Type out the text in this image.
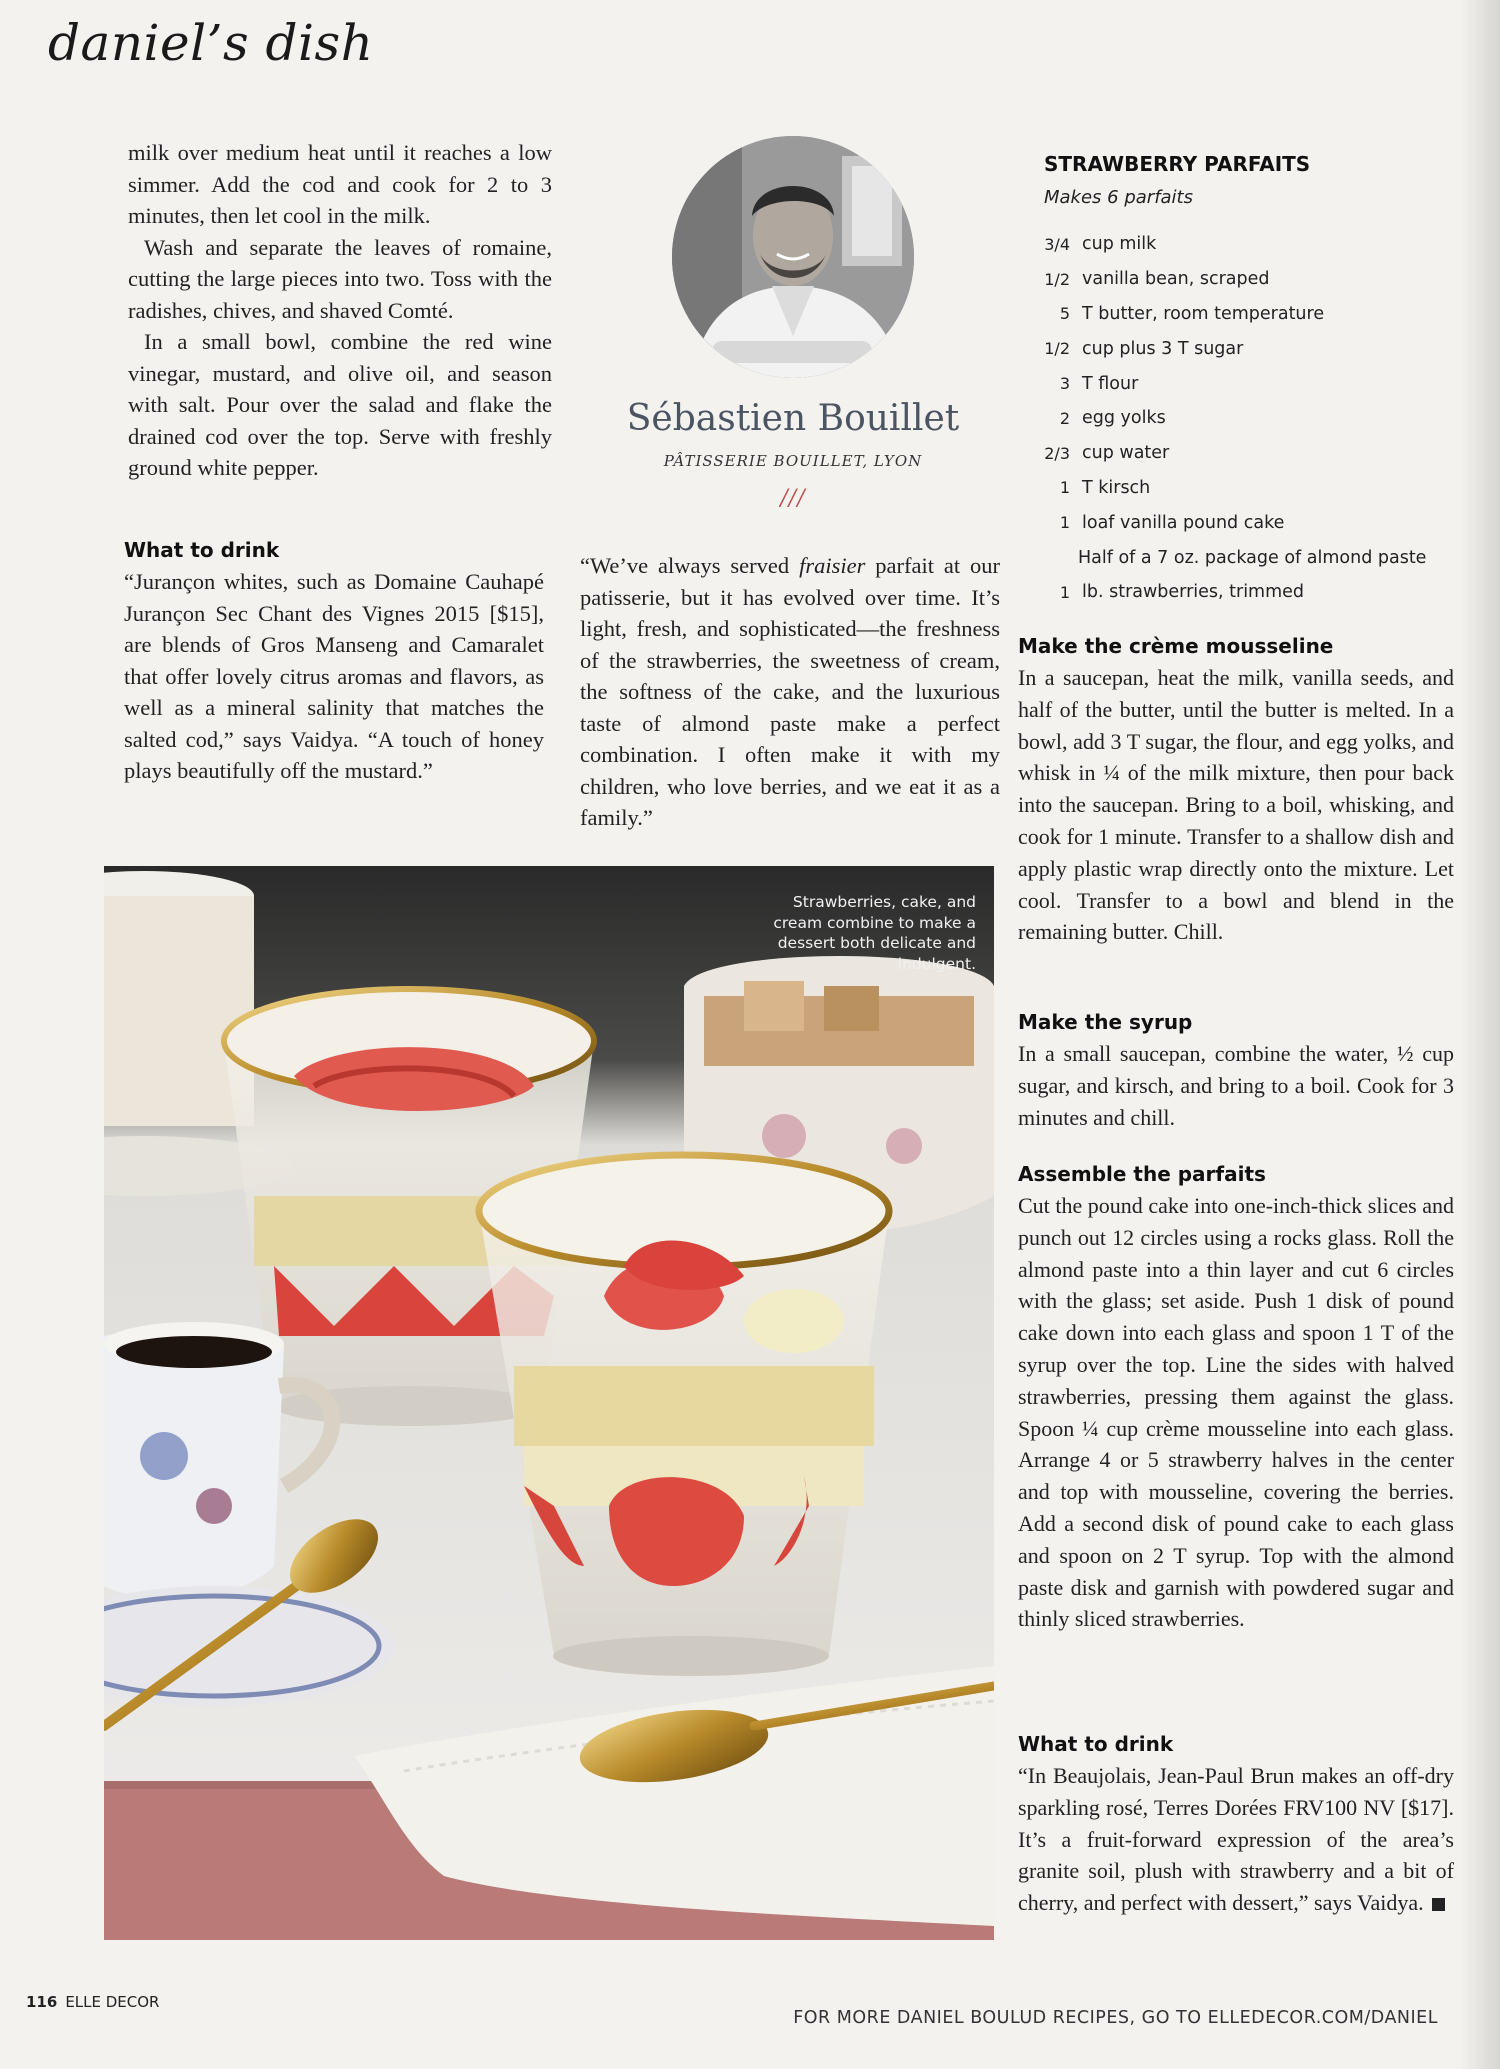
daniel’s dish

milk over medium heat until it reaches a low simmer. Add the cod and cook for 2 to 3 minutes, then let cool in the milk.

Wash and separate the leaves of romaine, cutting the large pieces into two. Toss with the radishes, chives, and shaved Comté.

In a small bowl, combine the red wine vinegar, mustard, and olive oil, and season with salt. Pour over the salad and flake the drained cod over the top. Serve with freshly ground white pepper.

What to drink
“Jurançon whites, such as Domaine Cauhapé Jurançon Sec Chant des Vignes 2015 [$15], are blends of Gros Manseng and Camaralet that offer lovely citrus aromas and flavors, as well as a mineral salinity that matches the salted cod,” says Vaidya. “A touch of honey plays beautifully off the mustard.”
Sébastien Bouillet
PÂTISSERIE BOUILLET, LYON
///
“We’ve always served fraisier parfait at our patisserie, but it has evolved over time. It’s light, fresh, and sophisticated—the freshness of the strawberries, the sweetness of cream, the softness of the cake, and the luxurious taste of almond paste make a perfect combination. I often make it with my children, who love berries, and we eat it as a family.”
STRAWBERRY PARFAITS
Makes 6 parfaits
3/4 cup milk
1/2 vanilla bean, scraped
5 T butter, room temperature
1/2 cup plus 3 T sugar
3 T flour
2 egg yolks
2/3 cup water
1 T kirsch
1 loaf vanilla pound cake
Half of a 7 oz. package of almond paste
1 lb. strawberries, trimmed
Make the crème mousseline
In a saucepan, heat the milk, vanilla seeds, and half of the butter, until the butter is melted. In a bowl, add 3 T sugar, the flour, and egg yolks, and whisk in ¼ of the milk mixture, then pour back into the saucepan. Bring to a boil, whisking, and cook for 1 minute. Transfer to a shallow dish and apply plastic wrap directly onto the mixture. Let cool. Transfer to a bowl and blend in the remaining butter. Chill.
Make the syrup
In a small saucepan, combine the water, ½ cup sugar, and kirsch, and bring to a boil. Cook for 3 minutes and chill.
Assemble the parfaits
Cut the pound cake into one-inch-thick slices and punch out 12 circles using a rocks glass. Roll the almond paste into a thin layer and cut 6 circles with the glass; set aside. Push 1 disk of pound cake down into each glass and spoon 1 T of the syrup over the top. Line the sides with halved strawberries, pressing them against the glass. Spoon ¼ cup crème mousseline into each glass. Arrange 4 or 5 strawberry halves in the center and top with mousseline, covering the berries. Add a second disk of pound cake to each glass and spoon on 2 T syrup. Top with the almond paste disk and garnish with powdered sugar and thinly sliced strawberries.
What to drink
“In Beaujolais, Jean-Paul Brun makes an off-dry sparkling rosé, Terres Dorées FRV100 NV [$17]. It’s a fruit-forward expression of the area’s granite soil, plush with strawberry and a bit of cherry, and perfect with dessert,” says Vaidya.
Strawberries, cake, and cream combine to make a dessert both delicate and indulgent.
116 ELLE DECOR
FOR MORE DANIEL BOULUD RECIPES, GO TO ELLEDECOR.COM/DANIEL
